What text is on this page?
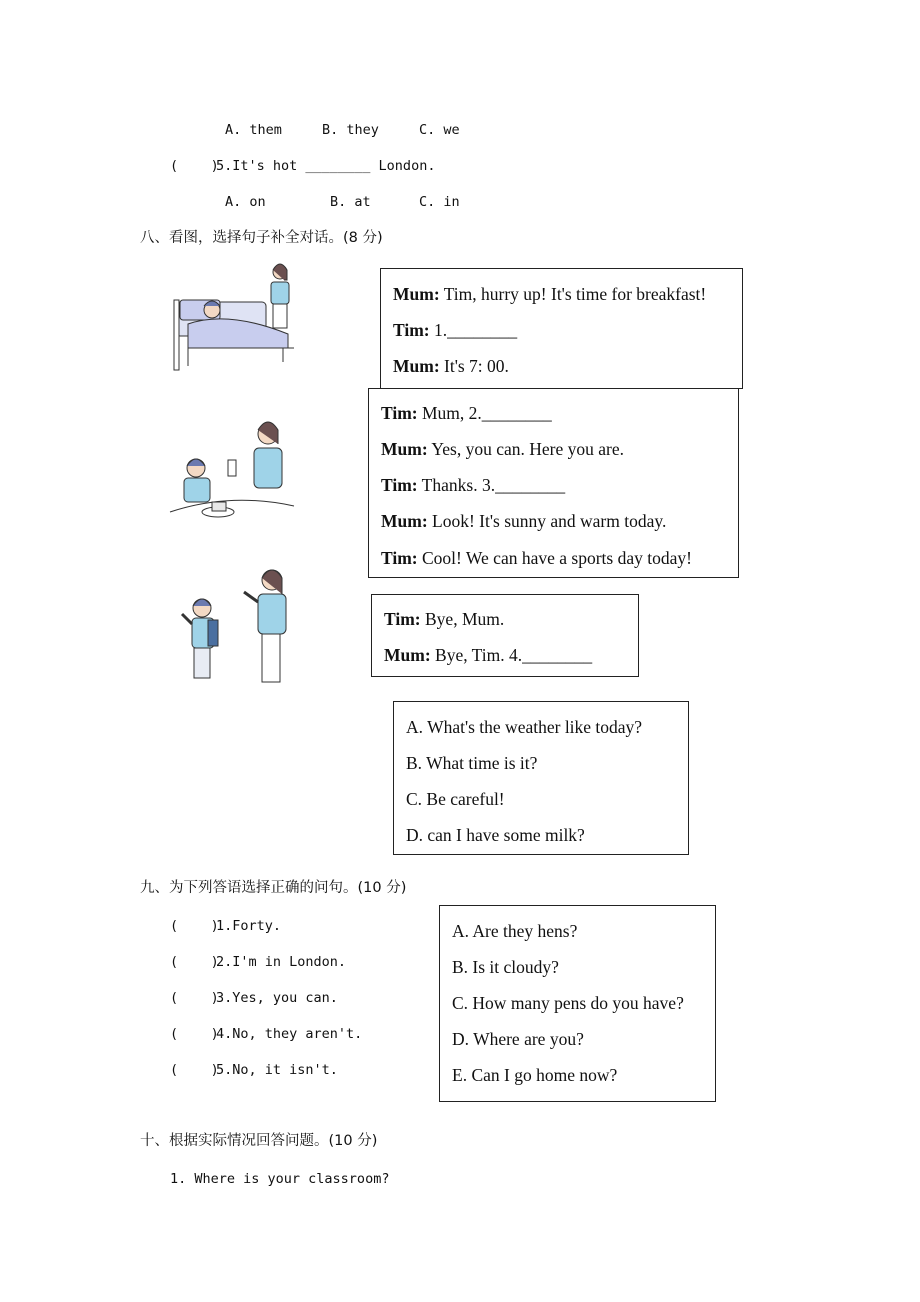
A. them	B. they	C. we
(    )
5.It's hot ________ London.
A. on	B. at	C. in
八、看图，选择句子补全对话。(8 分)
Mum: Tim, hurry up! It's time for breakfast!
Tim: 1.________
Mum: It's 7: 00.
Tim: Mum, 2.________
Mum: Yes, you can. Here you are.
Tim: Thanks. 3.________
Mum: Look! It's sunny and warm today.
Tim: Cool! We can have a sports day today!
Tim: Bye, Mum.
Mum: Bye, Tim. 4.________
A. What's the weather like today?
B. What time is it?
C. Be careful!
D. can I have some milk?
九、为下列答语选择正确的问句。(10 分)
(    )
1.Forty.
(    )
2.I'm in London.
(    )
3.Yes, you can.
(    )
4.No, they aren't.
(    )
5.No, it isn't.
A. Are they hens?
B. Is it cloudy?
C. How many pens do you have?
D. Where are you?
E. Can I go home now?
十、根据实际情况回答问题。(10 分)
1. Where is your classroom?
